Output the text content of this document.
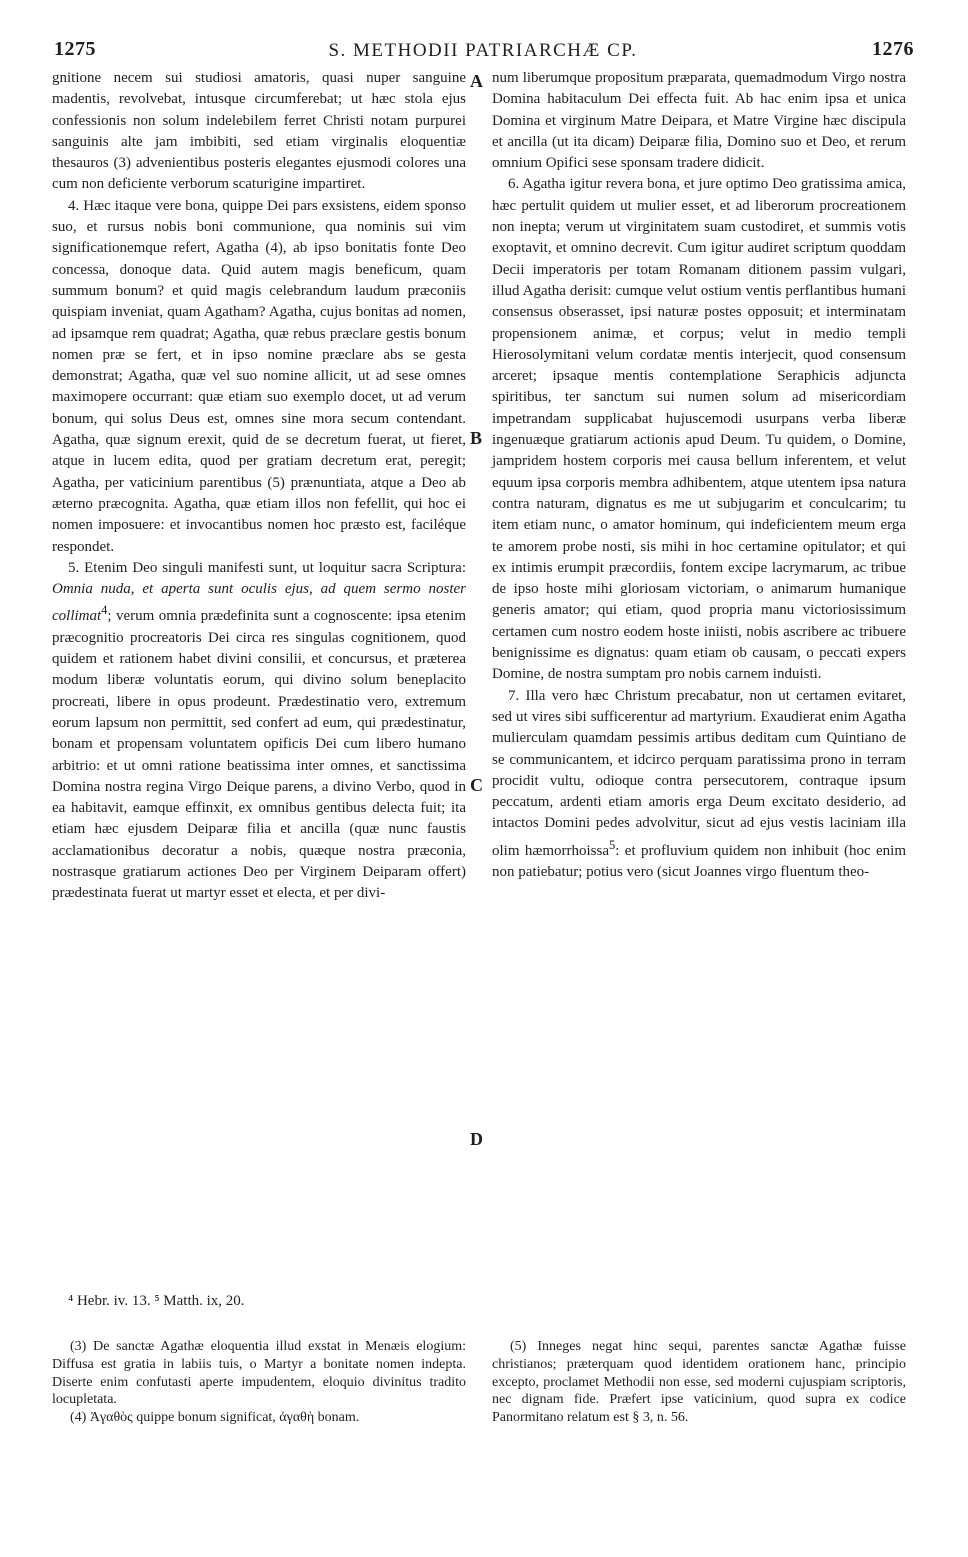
1275	S. METHODII PATRIARCHÆ CP.	1276
A
B
C
D

gnitione necem sui studiosi amatoris, quasi nuper sanguine madentis, revolvebat, intusque circumferebat; ut hæc stola ejus confessionis non solum indelebilem ferret Christi notam purpurei sanguinis alte jam imbibiti, sed etiam virginalis eloquentiæ thesauros (3) advenientibus posteris elegantes ejusmodi colores una cum non deficiente verborum scaturigine impartiret.

4. Hæc itaque vere bona, quippe Dei pars exsistens, eidem sponso suo, et rursus nobis boni communione, qua nominis sui vim significationemque refert, Agatha (4), ab ipso bonitatis fonte Deo concessa, donoque data. Quid autem magis beneficum, quam summum bonum? et quid magis celebrandum laudum præconiis quispiam inveniat, quam Agatham? Agatha, cujus bonitas ad nomen, ad ipsamque rem quadrat; Agatha, quæ rebus præclare gestis bonum nomen præ se fert, et in ipso nomine præclare abs se gesta demonstrat; Agatha, quæ vel suo nomine allicit, ut ad sese omnes maximopere occurrant: quæ etiam suo exemplo docet, ut ad verum bonum, qui solus Deus est, omnes sine mora secum contendant. Agatha, quæ signum erexit, quid de se decretum fuerat, ut fieret, atque in lucem edita, quod per gratiam decretum erat, peregit; Agatha, per vaticinium parentibus (5) prænuntiata, atque a Deo ab æterno præcognita. Agatha, quæ etiam illos non fefellit, qui hoc ei nomen imposuere: et invocantibus nomen hoc præsto est, faciléque respondet.

5. Etenim Deo singuli manifesti sunt, ut loquitur sacra Scriptura: Omnia nuda, et aperta sunt oculis ejus, ad quem sermo noster collimat$^4$; verum omnia prædefinita sunt a cognoscente: ipsa etenim præcognitio procreatoris Dei circa res singulas cognitionem, quod quidem et rationem habet divini consilii, et concursus, et præterea modum liberæ voluntatis eorum, qui divino solum beneplacito procreati, libere in opus prodeunt. Prædestinatio vero, extremum eorum lapsum non permittit, sed confert ad eum, qui prædestinatur, bonam et propensam voluntatem opificis Dei cum libero humano arbitrio: et ut omni ratione beatissima inter omnes, et sanctissima Domina nostra regina Virgo Deique parens, a divino Verbo, quod in ea habitavit, eamque effinxit, ex omnibus gentibus delecta fuit; ita etiam hæc ejusdem Deiparæ filia et ancilla (quæ nunc faustis acclamationibus decoratur a nobis, quæque nostra præconia, nostrasque gratiarum actiones Deo per Virginem Deiparam offert) prædestinata fuerat ut martyr esset et electa, et per divi-

num liberumque propositum præparata, quemadmodum Virgo nostra Domina habitaculum Dei effecta fuit. Ab hac enim ipsa et unica Domina et virginum Matre Deipara, et Matre Virgine hæc discipula et ancilla (ut ita dicam) Deiparæ filia, Domino suo et Deo, et rerum omnium Opifici sese sponsam tradere didicit.

6. Agatha igitur revera bona, et jure optimo Deo gratissima amica, hæc pertulit quidem ut mulier esset, et ad liberorum procreationem non inepta; verum ut virginitatem suam custodiret, et summis votis exoptavit, et omnino decrevit. Cum igitur audiret scriptum quoddam Decii imperatoris per totam Romanam ditionem passim vulgari, illud Agatha derisit: cumque velut ostium ventis perflantibus humani consensus obserasset, ipsi naturæ postes opposuit; et interminatam propensionem animæ, et corpus; velut in medio templi Hierosolymitani velum cordatæ mentis interjecit, quod consensum arceret; ipsaque mentis contemplatione Seraphicis adjuncta spiritibus, ter sanctum sui numen solum ad misericordiam impetrandam supplicabat hujuscemodi usurpans verba liberæ ingenuæque gratiarum actionis apud Deum. Tu quidem, o Domine, jampridem hostem corporis mei causa bellum inferentem, et velut equum ipsa corporis membra adhibentem, atque utentem ipsa natura contra naturam, dignatus es me ut subjugarim et conculcarim; tu item etiam nunc, o amator hominum, qui indeficientem meum erga te amorem probe nosti, sis mihi in hoc certamine opitulator; et qui ex intimis erumpit præcordiis, fontem excipe lacrymarum, ac tribue de ipso hoste mihi gloriosam victoriam, o animarum humanique generis amator; qui etiam, quod propria manu victoriosissimum certamen cum nostro eodem hoste iniisti, nobis ascribere ac tribuere benignissime es dignatus: quam etiam ob causam, o peccati expers Domine, de nostra sumptam pro nobis carnem induisti.

7. Illa vero hæc Christum precabatur, non ut certamen evitaret, sed ut vires sibi sufficerentur ad martyrium. Exaudierat enim Agatha mulierculam quamdam pessimis artibus deditam cum Quintiano de se communicantem, et idcirco perquam paratissima prono in terram procidit vultu, odioque contra persecutorem, contraque ipsum peccatum, ardenti etiam amoris erga Deum excitato desiderio, ad intactos Domini pedes advolvitur, sicut ad ejus vestis laciniam illa olim hæmorrhoissa$^5$: et profluvium quidem non inhibuit (hoc enim non patiebatur; potius vero (sicut Joannes virgo fluentum theo-

⁴ Hebr. iv. 13. ⁵ Matth. ix, 20.

(3) De sanctæ Agathæ eloquentia illud exstat in Menæis elogium: Diffusa est gratia in labiis tuis, o Martyr a bonitate nomen indepta. Diserte enim confutasti aperte impudentem, eloquio divinitus tradito locupletata.

(4) Ἀγαθὸς quippe bonum significat, ἀγαθὴ bonam.

(5) Inneges negat hinc sequi, parentes sanctæ Agathæ fuisse christianos; præterquam quod identidem orationem hanc, principio excepto, proclamet Methodii non esse, sed moderni cujuspiam scriptoris, nec dignam fide. Præfert ipse vaticinium, quod supra ex codice Panormitano relatum est § 3, n. 56.
